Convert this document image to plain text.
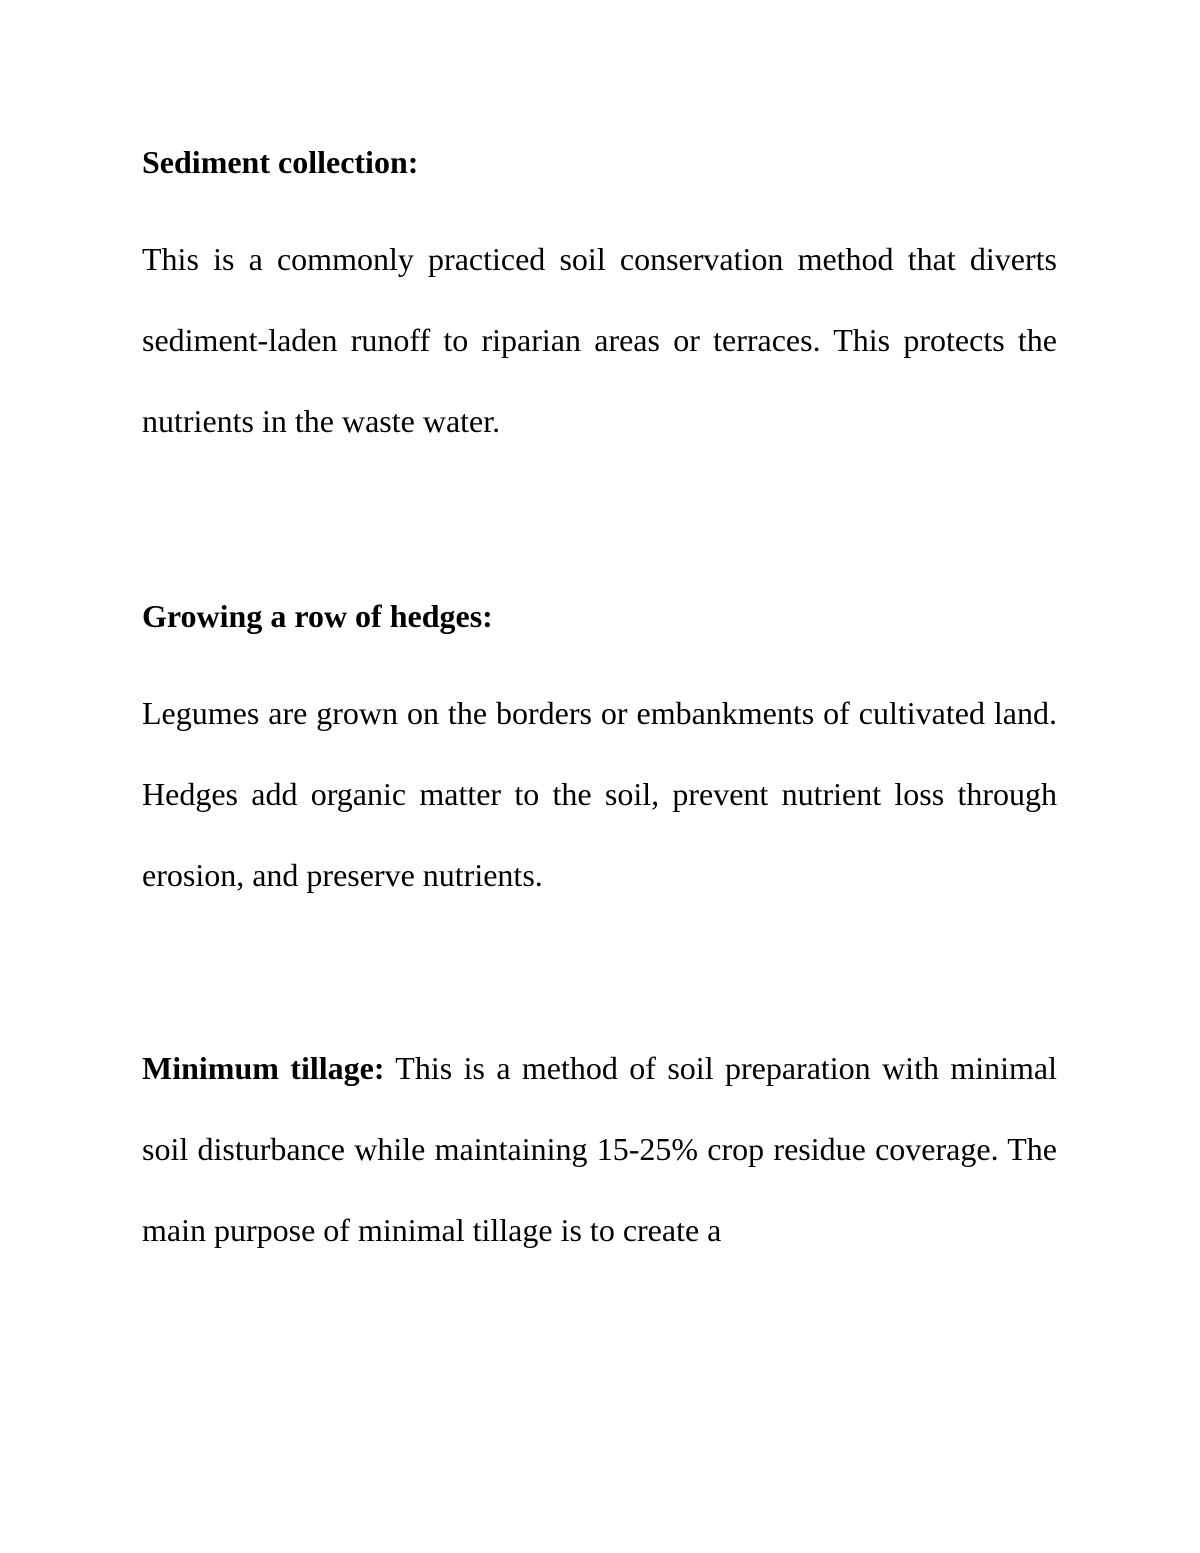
Sediment collection:

This is a commonly practiced soil conservation method that diverts sediment-laden runoff to riparian areas or terraces. This protects the nutrients in the waste water.

Growing a row of hedges:

Legumes are grown on the borders or embankments of cultivated land. Hedges add organic matter to the soil, prevent nutrient loss through erosion, and preserve nutrients.

Minimum tillage: This is a method of soil preparation with minimal soil disturbance while maintaining 15-25% crop residue coverage. The main purpose of minimal tillage is to create a
